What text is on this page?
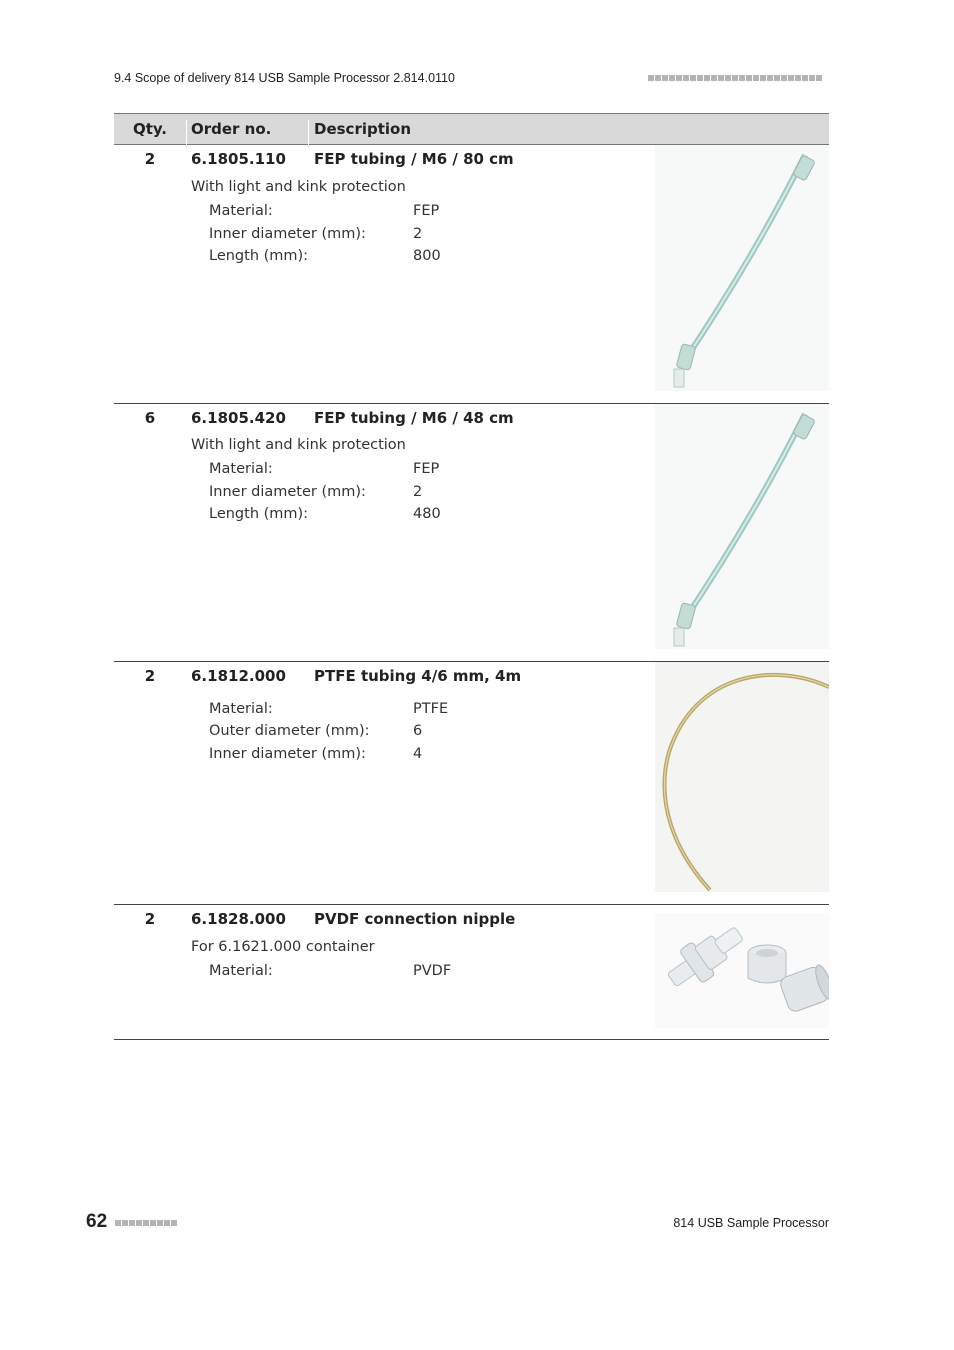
9.4 Scope of delivery 814 USB Sample Processor 2.814.0110
Qty.	Order no.	Description
2	6.1805.110 FEP tubing / M6 / 80 cm
With light and kink protection
Material:	FEP
Inner diameter (mm):	2
Length (mm):	800
6	6.1805.420 FEP tubing / M6 / 48 cm
With light and kink protection
Material:	FEP
Inner diameter (mm):	2
Length (mm):	480
2	6.1812.000 PTFE tubing 4/6 mm, 4m
Material:	PTFE
Outer diameter (mm):	6
Inner diameter (mm):	4
2	6.1828.000 PVDF connection nipple
For 6.1621.000 container
Material:	PVDF
62	814 USB Sample Processor
